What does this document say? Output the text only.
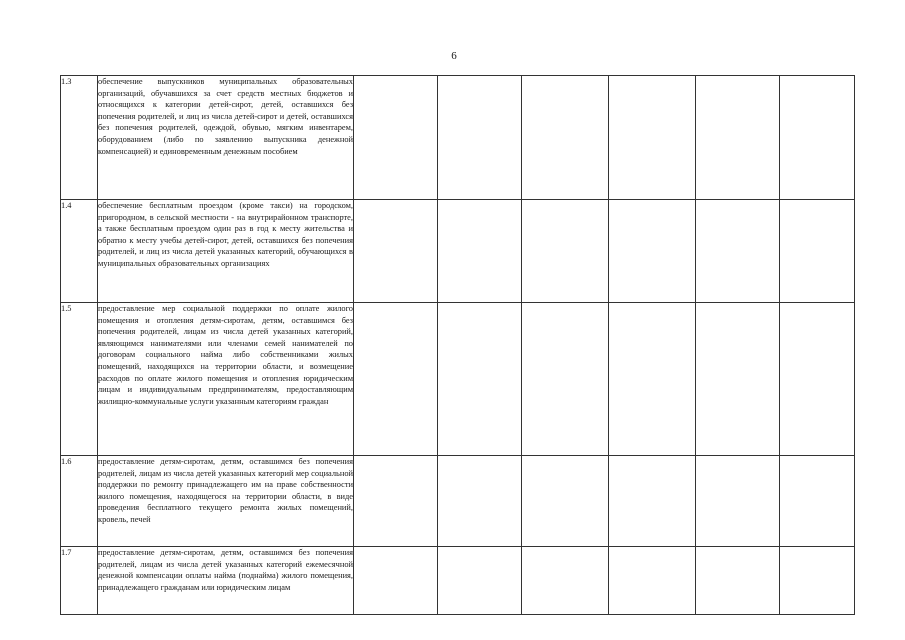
6
1.3	обеспечение выпускников муниципальных образовательных организаций, обучавшихся за счет средств местных бюджетов и относящихся к категории детей-сирот, детей, оставшихся без попечения родителей, и лиц из числа детей-сирот и детей, оставшихся без попечения родителей, одеждой, обувью, мягким инвентарем, оборудованием (либо по заявлению выпускника денежной компенсацией) и единовременным денежным пособием						
1.4	обеспечение бесплатным проездом (кроме такси) на городском, пригородном, в сельской местности - на внутрирайонном транспорте, а также бесплатным проездом один раз в год к месту жительства и обратно к месту учебы детей-сирот, детей, оставшихся без попечения родителей, и лиц из числа детей указанных категорий, обучающихся в муниципальных образовательных организациях						
1.5	предоставление мер социальной поддержки по оплате жилого помещения и отопления детям-сиротам, детям, оставшимся без попечения родителей, лицам из числа детей указанных категорий, являющимся нанимателями или членами семей нанимателей по договорам социального найма либо собственниками жилых помещений, находящихся на территории области, и возмещение расходов по оплате жилого помещения и отопления юридическим лицам и индивидуальным предпринимателям, предоставляющим жилищно-коммунальные услуги указанным категориям граждан						
1.6	предоставление детям-сиротам, детям, оставшимся без попечения родителей, лицам из числа детей указанных категорий мер социальной поддержки по ремонту принадлежащего им на праве собственности жилого помещения, находящегося на территории области, в виде проведения бесплатного текущего ремонта жилых помещений, кровель, печей						
1.7	предоставление детям-сиротам, детям, оставшимся без попечения родителей, лицам из числа детей указанных категорий ежемесячной денежной компенсации оплаты найма (поднайма) жилого помещения, принадлежащего гражданам или юридическим лицам						
